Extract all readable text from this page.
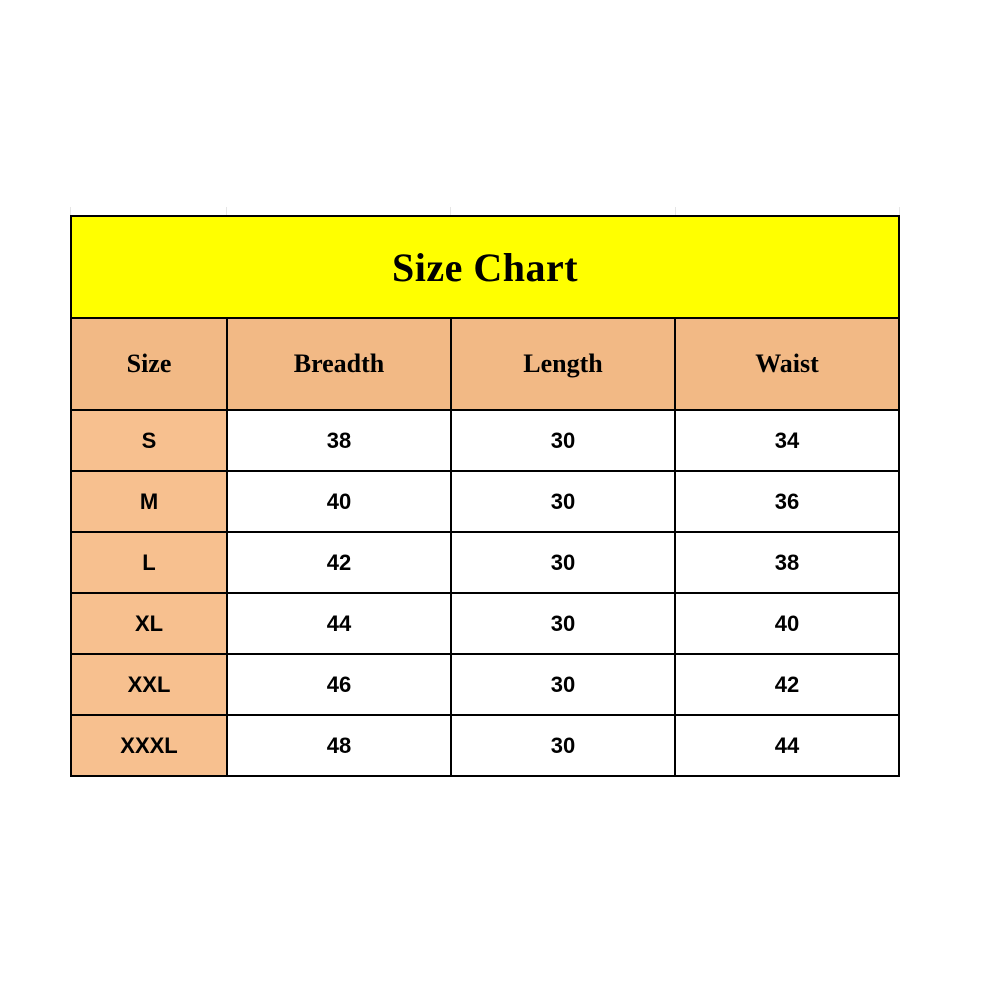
Size Chart			
Size	Breadth	Length	Waist
S	38	30	34
M	40	30	36
L	42	30	38
XL	44	30	40
XXL	46	30	42
XXXL	48	30	44
